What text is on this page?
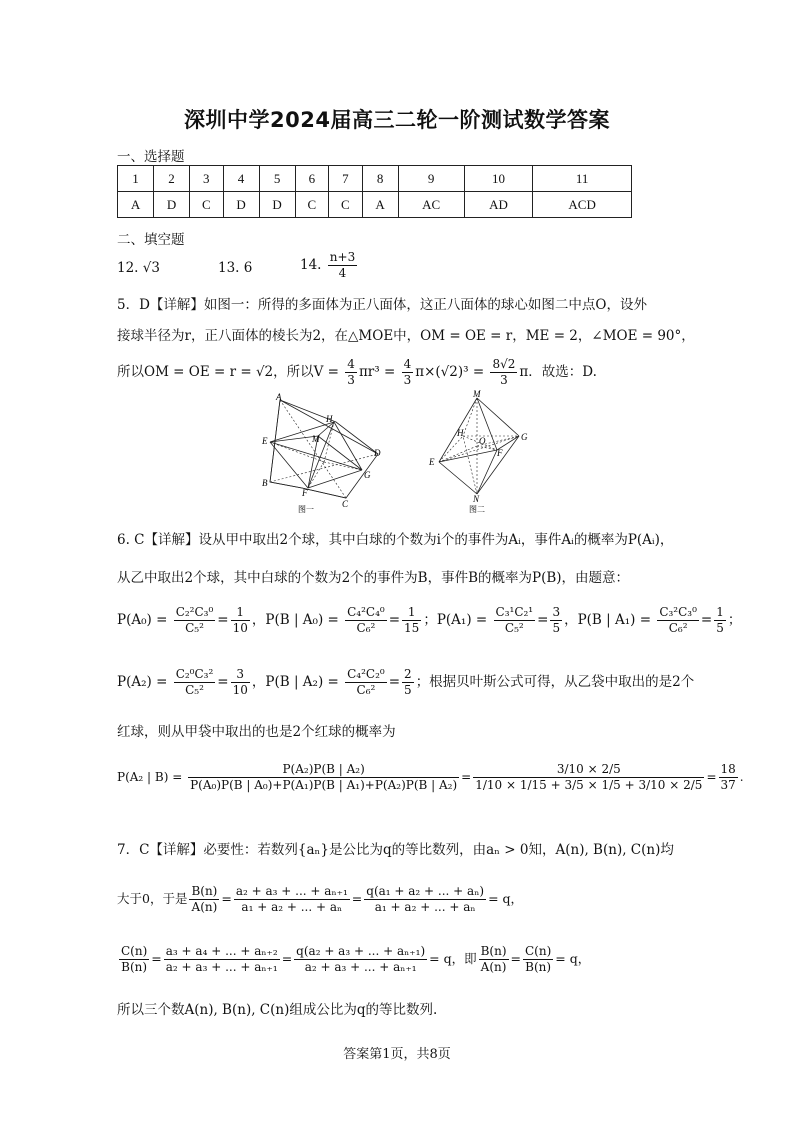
深圳中学2024届高三二轮一阶测试数学答案
一、选择题
1	2	3	4	5	6	7	8	9	10	11
A	D	C	D	D	C	C	A	AC	AD	ACD
二、填空题
12. √3	13. 6	14. $\frac{n+3}{4}$
5．D【详解】如图一：所得的多面体为正八面体，这正八面体的球心如图二中点O，设外
接球半径为r，正八面体的棱长为2，在△MOE中，OM = OE = r，ME = 2，∠MOE = 90°，
所以OM = OE = r = √2，所以$V = \frac{4}{3} \pi r^3 = \frac{4}{3} \pi\times(√2)^3 = \frac{8√2}{3}$ π．故选：D.
A
H
E	M
D
G
B
F
C
图一
M
H
O	G
F
E
N
图二
6. C【详解】设从甲中取出2个球，其中白球的个数为i个的事件为Aᵢ，事件Aᵢ的概率为P(Aᵢ)，
从乙中取出2个球，其中白球的个数为2个的事件为B，事件B的概率为P(B)，由题意：
$P(A_0) = \frac{\text{C₂²C₃⁰}}{\text{C₅²}} = \frac{1}{10}$ ，P(B | $A_0) = \frac{\text{C₄²C₄⁰}}{\text{C₆²}} = \frac{1}{15}$ ；$P(A_1) = \frac{\text{C₃¹C₂¹}}{\text{C₅²}} = \frac{3}{5}$ ，P(B | $A_1) = \frac{\text{C₃²C₃⁰}}{\text{C₆²}} = \frac{1}{5}$ ；
$P(A_2) = \frac{\text{C₂⁰C₃²}}{\text{C₅²}} = \frac{3}{10}$ ，P(B | $A_2) = \frac{\text{C₄²C₂⁰}}{\text{C₆²}} = \frac{2}{5}$ ；根据贝叶斯公式可得，从乙袋中取出的是2个
红球，则从甲袋中取出的也是2个红球的概率为
P(A₂ | $B) = \frac{\text{P(A₂)P(B | A₂)}}{\text{P(A₀)P(B | A₀)+P(A₁)P(B | A₁)+P(A₂)P(B | A₂)}} = \frac{3/10 \times 2/5}{1/10 \times 1/15 + 3/5 \times 1/5 + 3/10 \times 2/5} = \frac{18}{37}$ .
7．C【详解】必要性：若数列{aₙ}是公比为q的等比数列，由aₙ > 0知，A(n), B(n), C(n)均
大于0，于是 $\frac{B(n)}{A(n)} = \frac{\text{a₂ + a₃ + ... + aₙ₊₁}}{\text{a₁ + a₂ + ... + aₙ}} = \frac{\text{q(a₁ + a₂ + ... + aₙ)}}{\text{a₁ + a₂ + ... + aₙ}} = q$，
$\frac{C(n)}{B(n)} = \frac{\text{a₃ + a₄ + ... + aₙ₊₂}}{\text{a₂ + a₃ + ... + aₙ₊₁}} = \frac{\text{q(a₂ + a₃ + ... + aₙ₊₁)}}{\text{a₂ + a₃ + ... + aₙ₊₁}} = q$，即 $\frac{B(n)}{A(n)} = \frac{C(n)}{B(n)} = q$，
所以三个数A(n), B(n), C(n)组成公比为q的等比数列.
答案第1页，共8页
